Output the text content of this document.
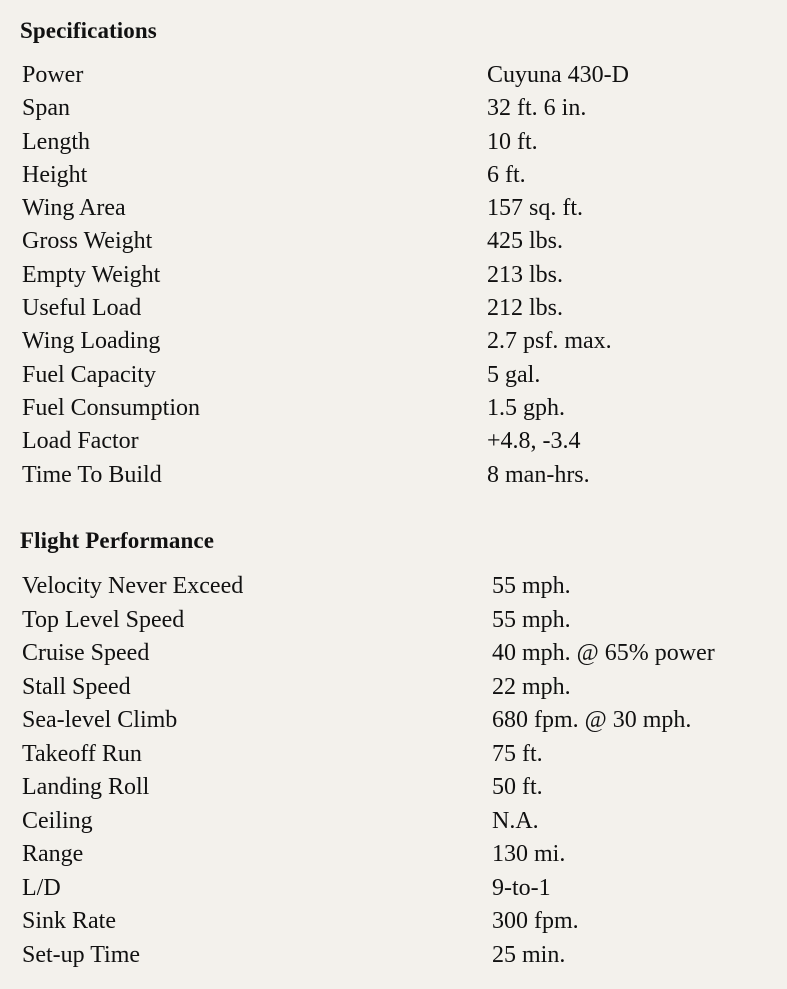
Specifications
Power	Cuyuna 430-D
Span	32 ft. 6 in.
Length	10 ft.
Height	6 ft.
Wing Area	157 sq. ft.
Gross Weight	425 lbs.
Empty Weight	213 lbs.
Useful Load	212 lbs.
Wing Loading	2.7 psf. max.
Fuel Capacity	5 gal.
Fuel Consumption	1.5 gph.
Load Factor	+4.8, -3.4
Time To Build	8 man-hrs.
Flight Performance
Velocity Never Exceed	55 mph.
Top Level Speed	55 mph.
Cruise Speed	40 mph. @ 65% power
Stall Speed	22 mph.
Sea-level Climb	680 fpm. @ 30 mph.
Takeoff Run	75 ft.
Landing Roll	50 ft.
Ceiling	N.A.
Range	130 mi.
L/D	9-to-1
Sink Rate	300 fpm.
Set-up Time	25 min.
